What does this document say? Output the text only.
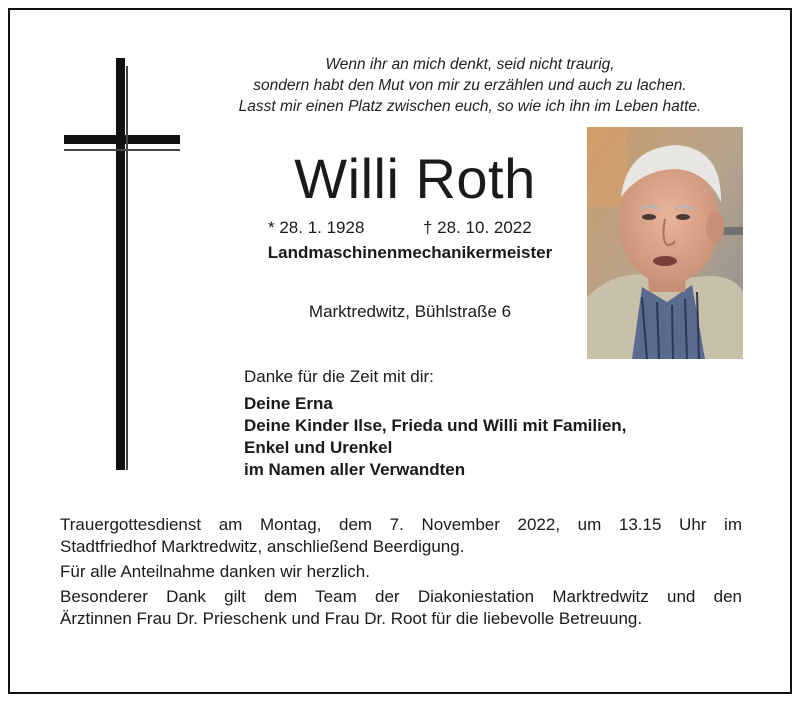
Wenn ihr an mich denkt, seid nicht traurig,
sondern habt den Mut von mir zu erzählen und auch zu lachen.
Lasst mir einen Platz zwischen euch, so wie ich ihn im Leben hatte.
Willi Roth
* 28. 1. 1928	† 28. 10. 2022
Landmaschinenmechanikermeister
Marktredwitz, Bühlstraße 6
Danke für die Zeit mit dir:
Deine Erna
Deine Kinder Ilse, Frieda und Willi mit Familien,
Enkel und Urenkel
im Namen aller Verwandten

Trauergottesdienst am Montag, dem 7. November 2022, um 13.15 Uhr im
Stadtfriedhof Marktredwitz, anschließend Beerdigung.

Für alle Anteilnahme danken wir herzlich.

Besonderer Dank gilt dem Team der Diakoniestation Marktredwitz und den
Ärztinnen Frau Dr. Prieschenk und Frau Dr. Root für die liebevolle Betreuung.
